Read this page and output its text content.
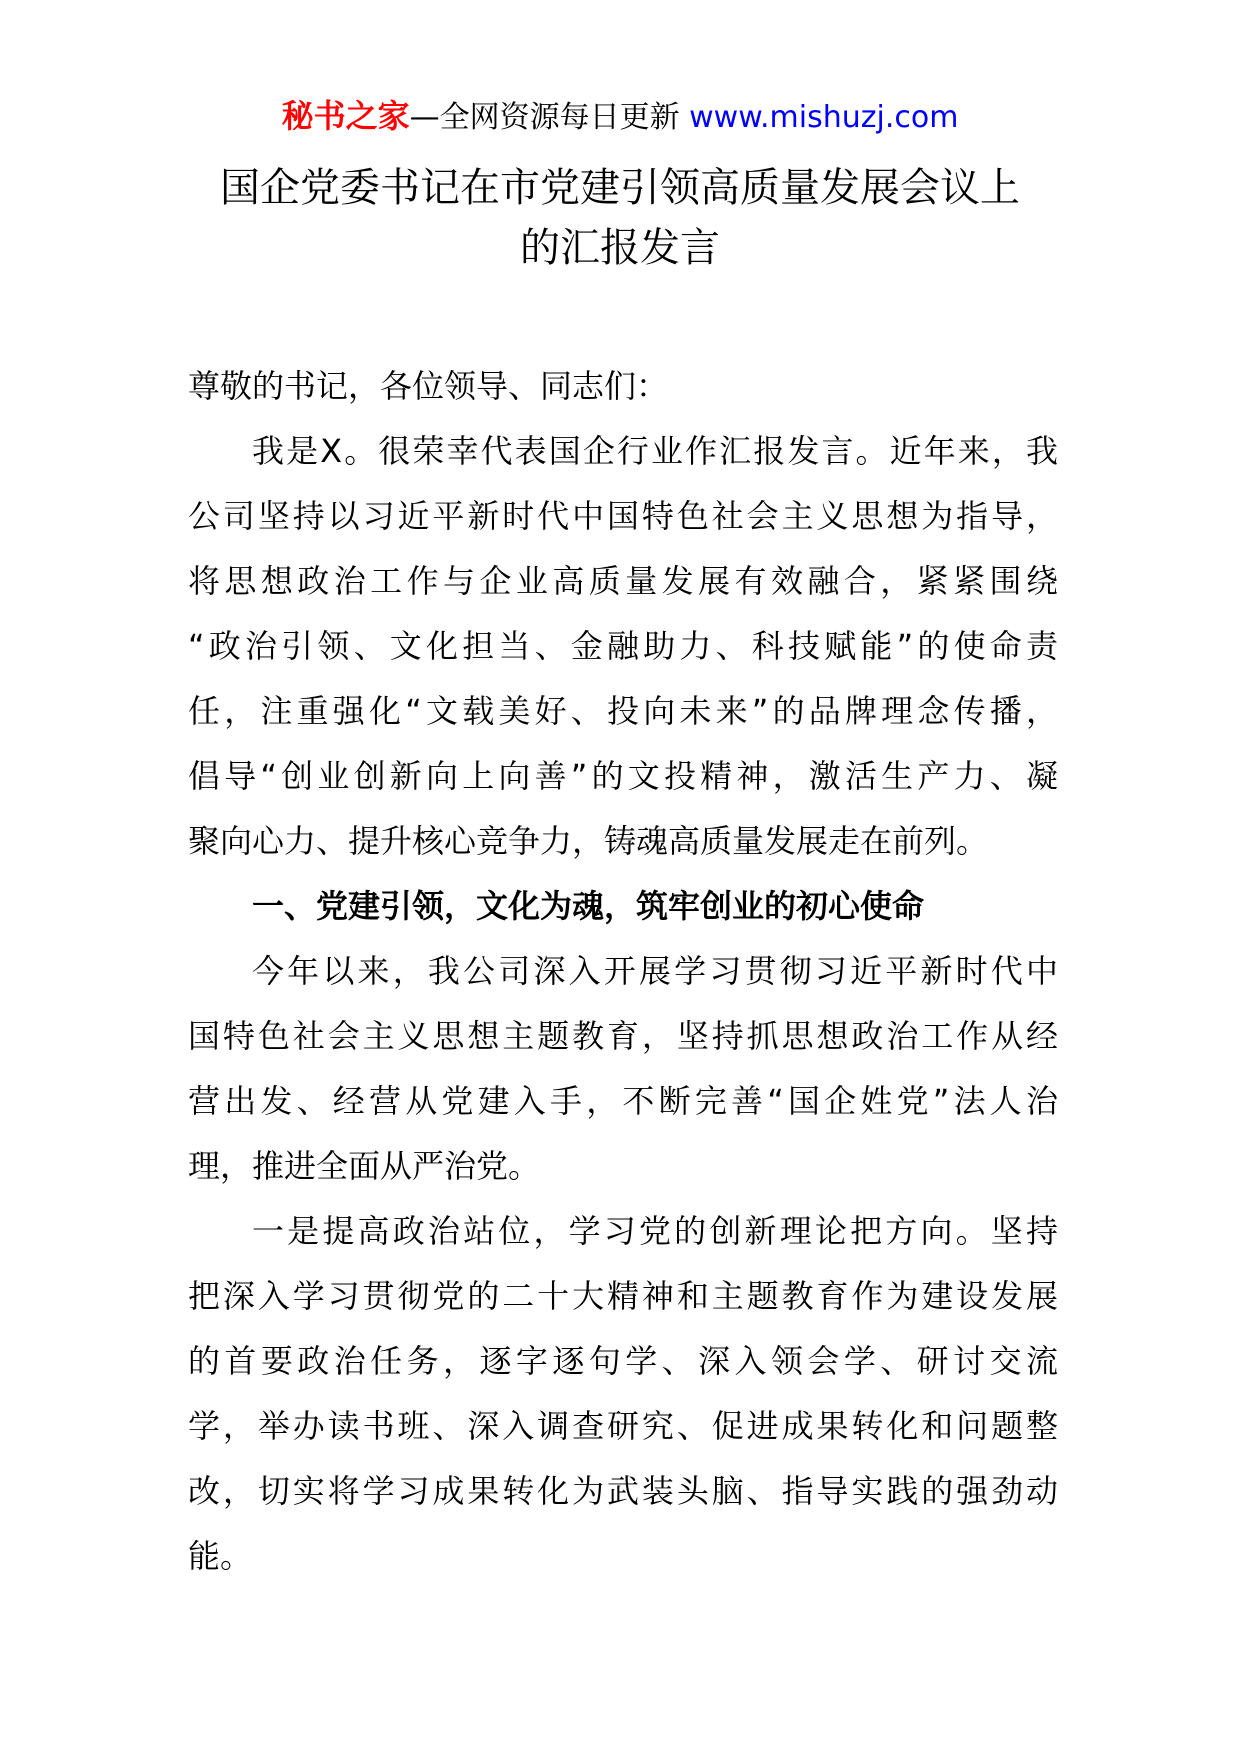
秘书之家—全网资源每日更新 www.mishuzj.com
国企党委书记在市党建引领高质量发展会议上
的汇报发言
尊敬的书记，各位领导、同志们：
我是X。很荣幸代表国企行业作汇报发言。近年来，我
公司坚持以习近平新时代中国特色社会主义思想为指导，
将思想政治工作与企业高质量发展有效融合，紧紧围绕
“政治引领、文化担当、金融助力、科技赋能”的使命责
任，注重强化“文载美好、投向未来”的品牌理念传播，
倡导“创业创新向上向善”的文投精神，激活生产力、凝
聚向心力、提升核心竞争力，铸魂高质量发展走在前列。
一、党建引领，文化为魂，筑牢创业的初心使命
今年以来，我公司深入开展学习贯彻习近平新时代中
国特色社会主义思想主题教育，坚持抓思想政治工作从经
营出发、经营从党建入手，不断完善“国企姓党”法人治
理，推进全面从严治党。
一是提高政治站位，学习党的创新理论把方向。坚持
把深入学习贯彻党的二十大精神和主题教育作为建设发展
的首要政治任务，逐字逐句学、深入领会学、研讨交流
学，举办读书班、深入调查研究、促进成果转化和问题整
改，切实将学习成果转化为武装头脑、指导实践的强劲动
能。
